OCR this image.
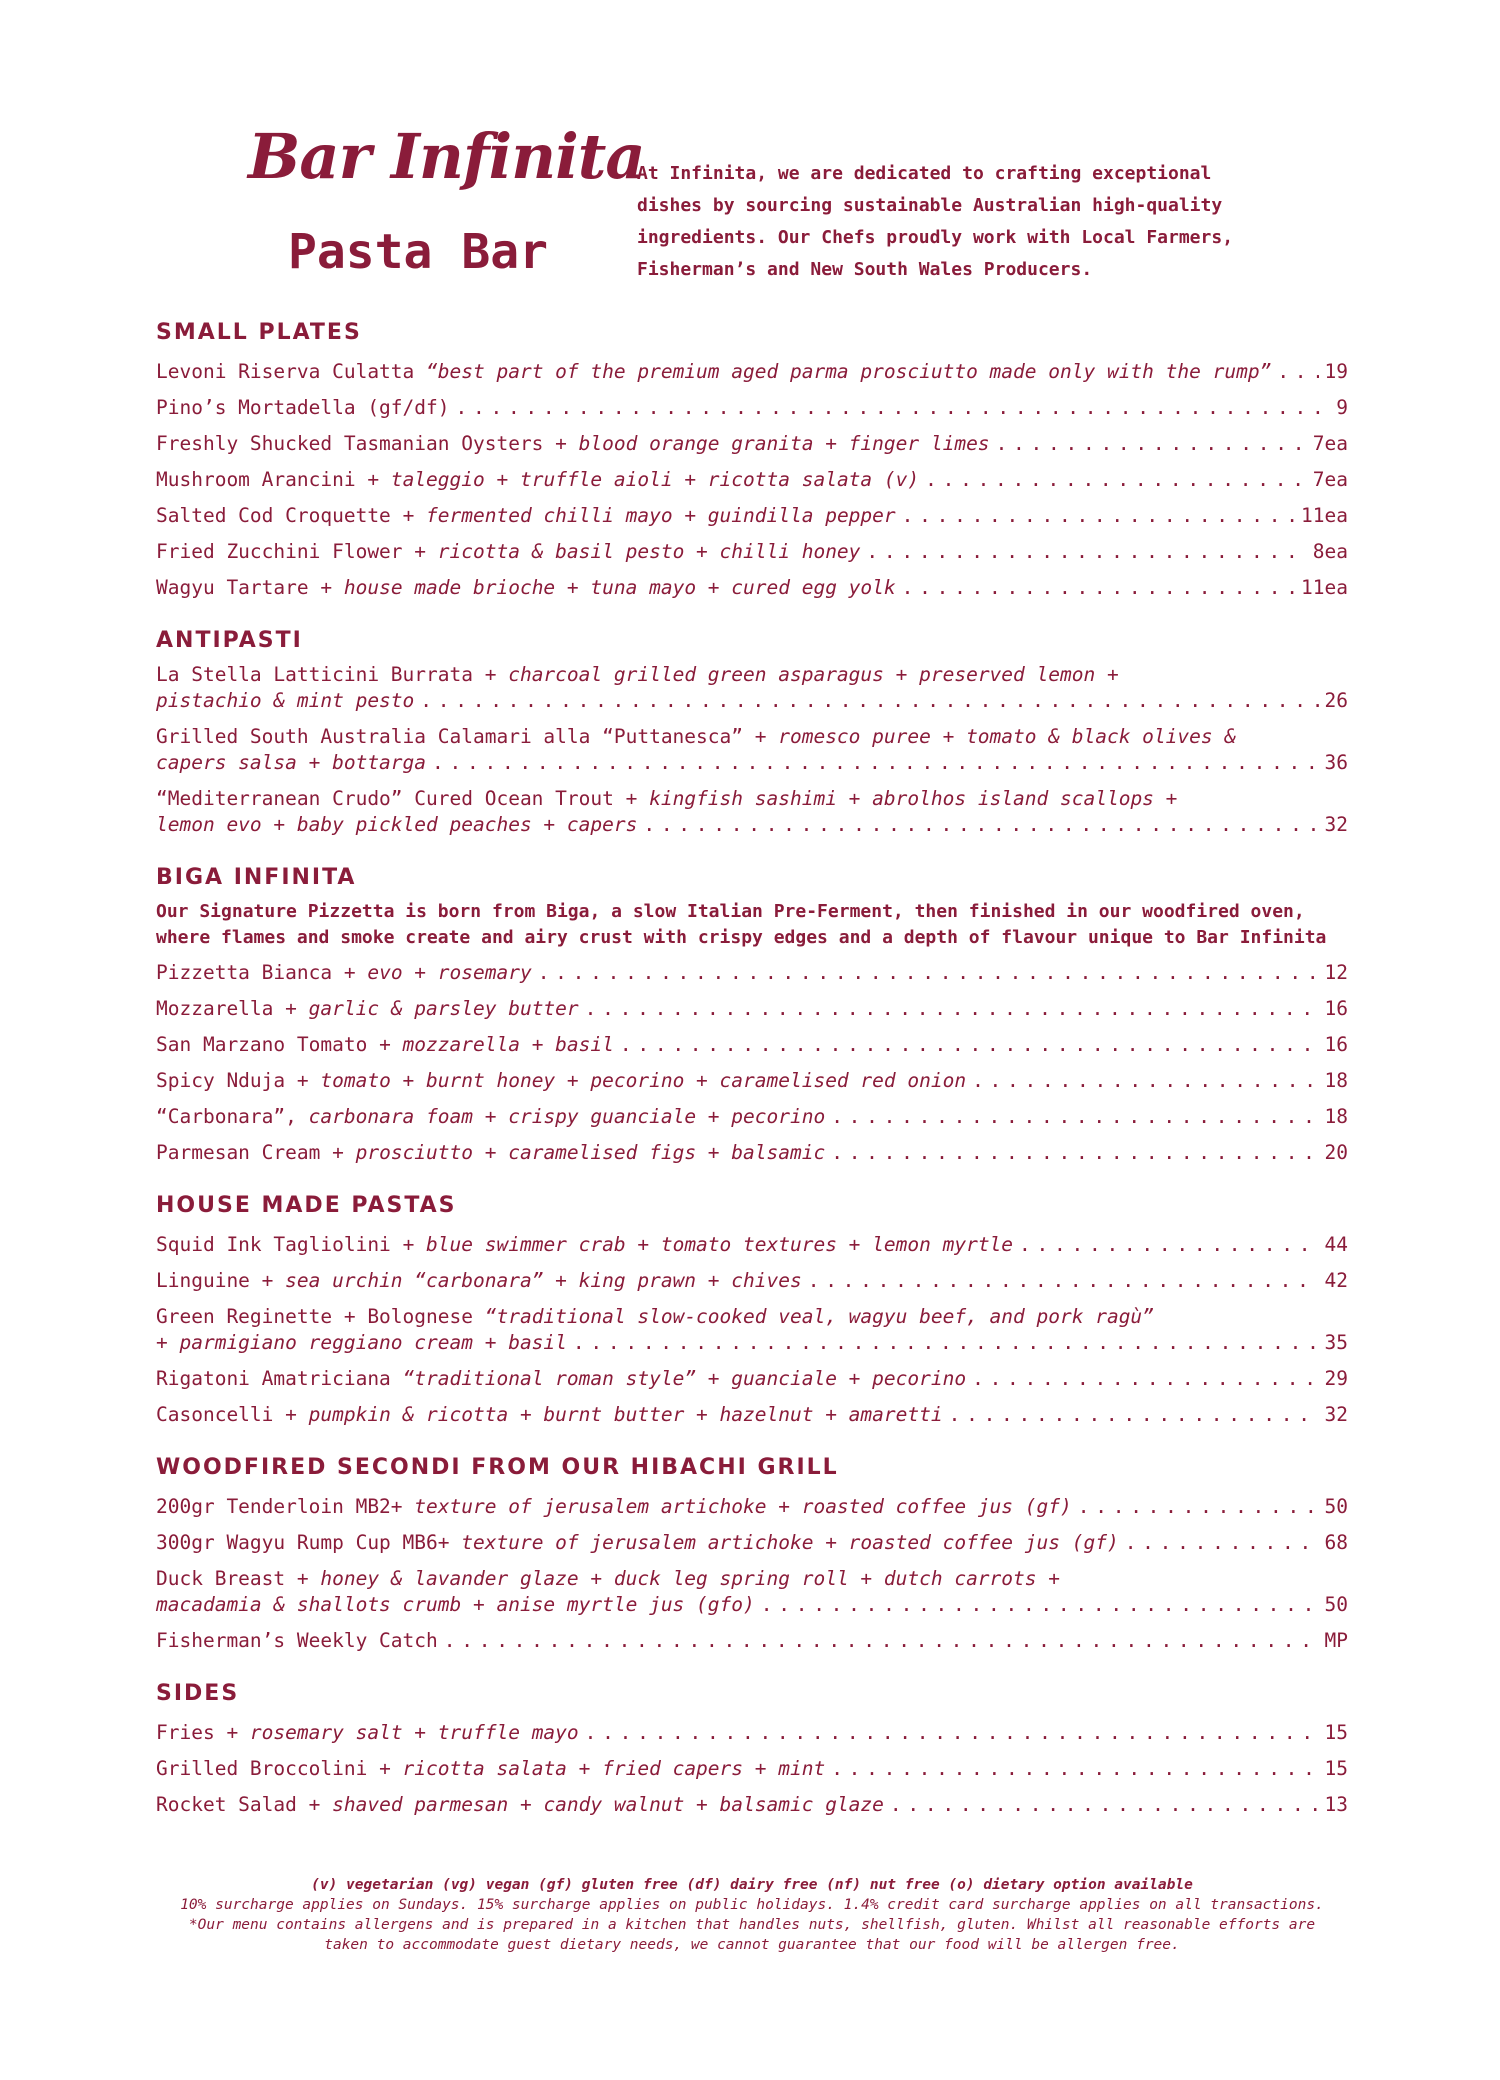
Bar Infinita
Pasta Bar
At Infinita, we are dedicated to crafting exceptional
dishes by sourcing sustainable Australian high-quality
ingredients. Our Chefs proudly work with Local Farmers,
Fisherman’s and New South Wales Producers.
SMALL PLATES
Levoni Riserva Culatta
“best part of the premium aged parma prosciutto made only with the rump” . . .	19
Pino’s Mortadella (gf/df) . . .	9
Freshly Shucked Tasmanian Oysters
+ blood orange granita + finger limes . . .	7ea
Mushroom Arancini
+ taleggio + truffle aioli + ricotta salata (v) . . .	7ea
Salted Cod Croquette
+ fermented chilli mayo + guindilla pepper . . .	11ea
Fried Zucchini Flower
+ ricotta & basil pesto + chilli honey . . .	8ea
Wagyu Tartare
+ house made brioche + tuna mayo + cured egg yolk . . .	11ea
ANTIPASTI
La Stella Latticini Burrata + charcoal grilled green asparagus + preserved lemon +
pistachio & mint pesto . . .	26
Grilled South Australia Calamari alla “Puttanesca” + romesco puree + tomato & black olives &
capers salsa + bottarga . . .	36
“Mediterranean Crudo” Cured Ocean Trout + kingfish sashimi + abrolhos island scallops +
lemon evo + baby pickled peaches + capers . . .	32
BIGA INFINITA
Our Signature Pizzetta is born from Biga, a slow Italian Pre-Ferment, then finished in our woodfired oven,
where flames and smoke create and airy crust with crispy edges and a depth of flavour unique to Bar Infinita
Pizzetta Bianca
+ evo + rosemary . . .	12
Mozzarella
+ garlic & parsley butter . . .	16
San Marzano Tomato
+ mozzarella + basil . . .	16
Spicy Nduja
+ tomato + burnt honey + pecorino + caramelised red onion . . .	18
“Carbonara”,
carbonara foam + crispy guanciale + pecorino . . .	18
Parmesan Cream
+ prosciutto + caramelised figs + balsamic . . .	20
HOUSE MADE PASTAS
Squid Ink Tagliolini
+ blue swimmer crab + tomato textures + lemon myrtle . . .	44
Linguine
+ sea urchin “carbonara” + king prawn + chives . . .	42
Green Reginette + Bolognese “traditional slow-cooked veal, wagyu beef, and pork ragù”
+ parmigiano reggiano cream + basil . . .	35
Rigatoni Amatriciana
“traditional roman style” + guanciale + pecorino . . .	29
Casoncelli
+ pumpkin & ricotta + burnt butter + hazelnut + amaretti . . .	32
WOODFIRED SECONDI FROM OUR HIBACHI GRILL
200gr Tenderloin MB2+
texture of jerusalem artichoke + roasted coffee jus (gf) . . .	50
300gr Wagyu Rump Cup MB6+
texture of jerusalem artichoke + roasted coffee jus (gf) . . .	68
Duck Breast + honey & lavander glaze + duck leg spring roll + dutch carrots +
macadamia & shallots crumb + anise myrtle jus (gfo) . . .	50
Fisherman’s Weekly Catch . . .	MP
SIDES
Fries
+ rosemary salt + truffle mayo . . .	15
Grilled Broccolini
+ ricotta salata + fried capers + mint . . .	15
Rocket Salad
+ shaved parmesan + candy walnut + balsamic glaze . . .	13
(v) vegetarian (vg) vegan (gf) gluten free (df) dairy free (nf) nut free (o) dietary option available
10% surcharge applies on Sundays. 15% surcharge applies on public holidays. 1.4% credit card surcharge applies on all transactions.
*Our menu contains allergens and is prepared in a kitchen that handles nuts, shellfish, gluten. Whilst all reasonable efforts are
taken to accommodate guest dietary needs, we cannot guarantee that our food will be allergen free.
